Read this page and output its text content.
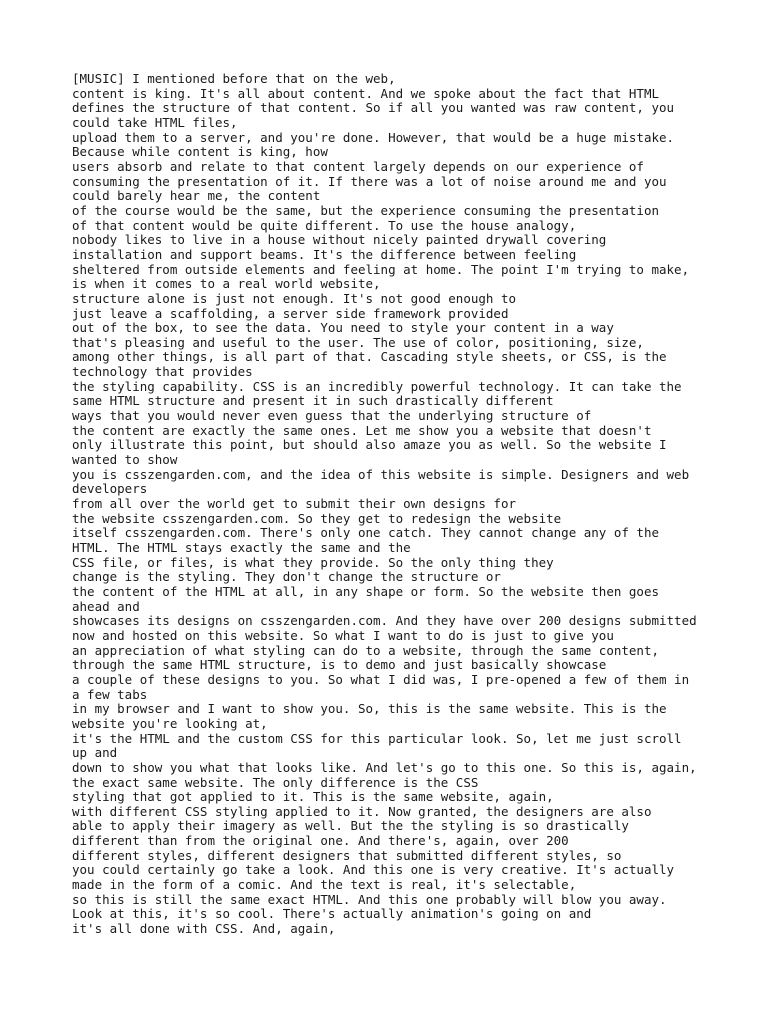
[MUSIC] I mentioned before that on the web,
content is king. It's all about content. And we spoke about the fact that HTML
defines the structure of that content. So if all you wanted was raw content, you
could take HTML files,
upload them to a server, and you're done. However, that would be a huge mistake.
Because while content is king, how
users absorb and relate to that content largely depends on our experience of
consuming the presentation of it. If there was a lot of noise around me and you
could barely hear me, the content
of the course would be the same, but the experience consuming the presentation
of that content would be quite different. To use the house analogy,
nobody likes to live in a house without nicely painted drywall covering
installation and support beams. It's the difference between feeling
sheltered from outside elements and feeling at home. The point I'm trying to make,
is when it comes to a real world website,
structure alone is just not enough. It's not good enough to
just leave a scaffolding, a server side framework provided
out of the box, to see the data. You need to style your content in a way
that's pleasing and useful to the user. The use of color, positioning, size,
among other things, is all part of that. Cascading style sheets, or CSS, is the
technology that provides
the styling capability. CSS is an incredibly powerful technology. It can take the
same HTML structure and present it in such drastically different
ways that you would never even guess that the underlying structure of
the content are exactly the same ones. Let me show you a website that doesn't
only illustrate this point, but should also amaze you as well. So the website I
wanted to show
you is csszengarden.com, and the idea of this website is simple. Designers and web
developers
from all over the world get to submit their own designs for
the website csszengarden.com. So they get to redesign the website
itself csszengarden.com. There's only one catch. They cannot change any of the
HTML. The HTML stays exactly the same and the
CSS file, or files, is what they provide. So the only thing they
change is the styling. They don't change the structure or
the content of the HTML at all, in any shape or form. So the website then goes
ahead and
showcases its designs on csszengarden.com. And they have over 200 designs submitted
now and hosted on this website. So what I want to do is just to give you
an appreciation of what styling can do to a website, through the same content,
through the same HTML structure, is to demo and just basically showcase
a couple of these designs to you. So what I did was, I pre-opened a few of them in
a few tabs
in my browser and I want to show you. So, this is the same website. This is the
website you're looking at,
it's the HTML and the custom CSS for this particular look. So, let me just scroll
up and
down to show you what that looks like. And let's go to this one. So this is, again,
the exact same website. The only difference is the CSS
styling that got applied to it. This is the same website, again,
with different CSS styling applied to it. Now granted, the designers are also
able to apply their imagery as well. But the the styling is so drastically
different than from the original one. And there's, again, over 200
different styles, different designers that submitted different styles, so
you could certainly go take a look. And this one is very creative. It's actually
made in the form of a comic. And the text is real, it's selectable,
so this is still the same exact HTML. And this one probably will blow you away.
Look at this, it's so cool. There's actually animation's going on and
it's all done with CSS. And, again,
